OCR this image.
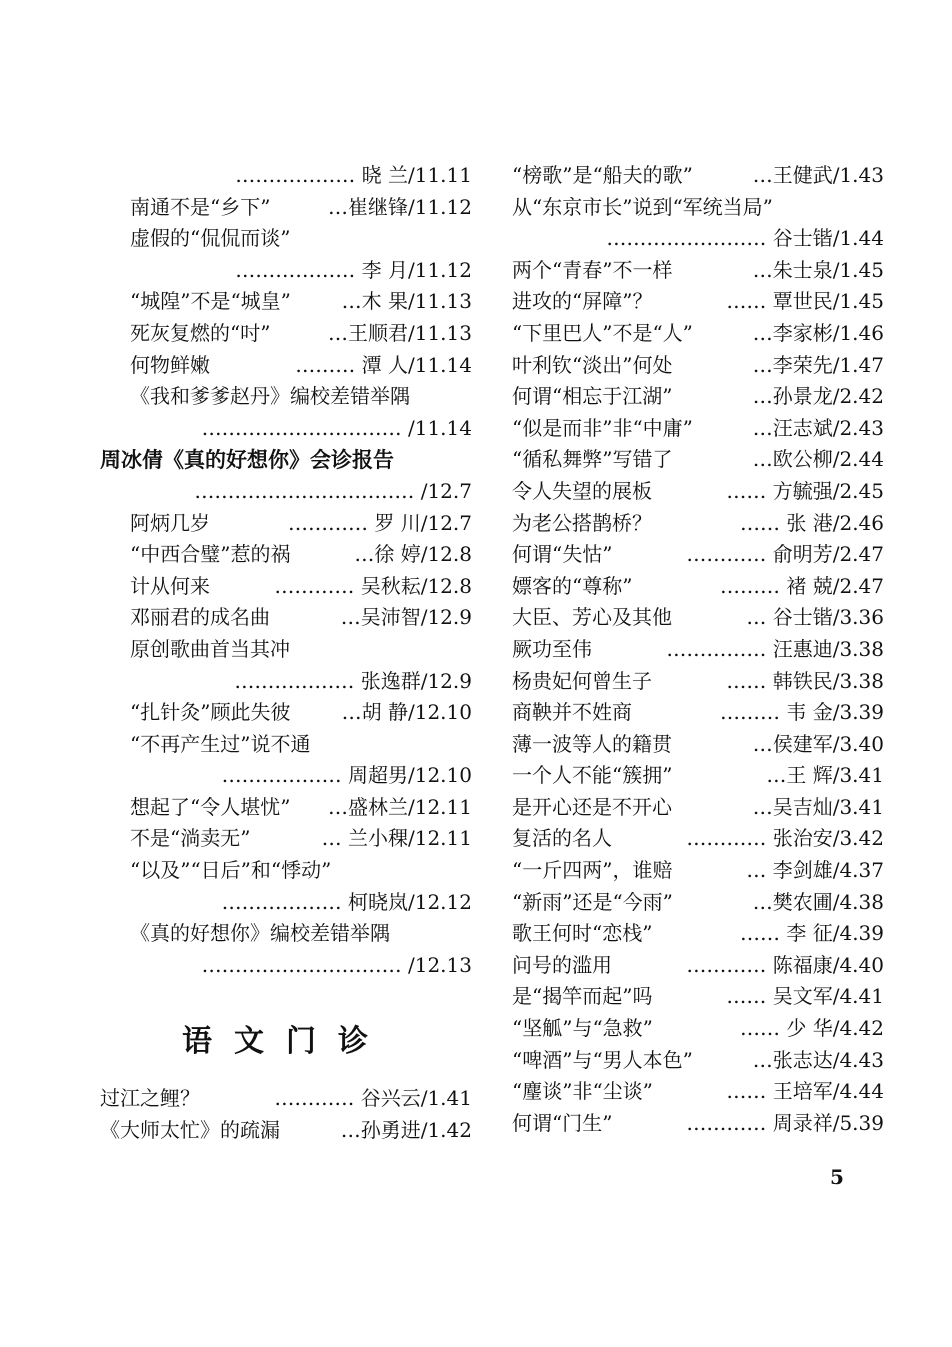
……………… 晓 兰/11.11
南通不是“乡下”	…崔继锋/11.12
虚假的“侃侃而谈”
……………… 李 月/11.12
“城隍”不是“城皇”	…木 果/11.13
死灰复燃的“吋”	…王顺君/11.13
何物鲜嫩	……… 潭 人/11.14
《我和爹爹赵丹》编校差错举隅
………………………… /11.14
周冰倩《真的好想你》会诊报告
…………………………… /12.7
阿炳几岁	………… 罗 川/12.7
“中西合璧”惹的祸	…徐 婷/12.8
计从何来	………… 吴秋耘/12.8
邓丽君的成名曲	…吴沛智/12.9
原创歌曲首当其冲
……………… 张逸群/12.9
“扎针灸”顾此失彼	…胡 静/12.10
“不再产生过”说不通
……………… 周超男/12.10
想起了“令人堪忧” …盛林兰/12.11
不是“淌卖无”	… 兰小稞/12.11
“以及”“日后”和“悸动”
……………… 柯晓岚/12.12
《真的好想你》编校差错举隅
………………………… /12.13
语文门诊
过江之鲤？	………… 谷兴云/1.41
《大师太忙》的疏漏	…孙勇进/1.42
“榜歌”是“船夫的歌”	…王健武/1.43
从“东京市长”说到“军统当局”
…………………… 谷士锴/1.44
两个“青春”不一样	…朱士泉/1.45
进攻的“屏障”？	…… 覃世民/1.45
“下里巴人”不是“人”	…李家彬/1.46
叶利钦“淡出”何处	…李荣先/1.47
何谓“相忘于江湖”	…孙景龙/2.42
“似是而非”非“中庸”	…汪志斌/2.43
“循私舞弊”写错了	…欧公柳/2.44
令人失望的展板	…… 方毓强/2.45
为老公搭鹊桥？	…… 张 港/2.46
何谓“失怙”	………… 俞明芳/2.47
嫖客的“尊称”	……… 褚 兢/2.47
大臣、芳心及其他	… 谷士锴/3.36
厥功至伟	…………… 汪惠迪/3.38
杨贵妃何曾生子	…… 韩铁民/3.38
商鞅并不姓商	……… 韦 金/3.39
薄一波等人的籍贯	…侯建军/3.40
一个人不能“簇拥”	…王 辉/3.41
是开心还是不开心	…吴吉灿/3.41
复活的名人	………… 张治安/3.42
“一斤四两”，谁赔	… 李剑雄/4.37
“新雨”还是“今雨”	…樊农圃/4.38
歌王何时“恋栈”	…… 李 征/4.39
问号的滥用	………… 陈福康/4.40
是“揭竿而起”吗	…… 吴文军/4.41
“坚觚”与“急救”	…… 少 华/4.42
“啤酒”与“男人本色”	…张志达/4.43
“麈谈”非“尘谈”	…… 王培军/4.44
何谓“门生”	………… 周录祥/5.39
5
